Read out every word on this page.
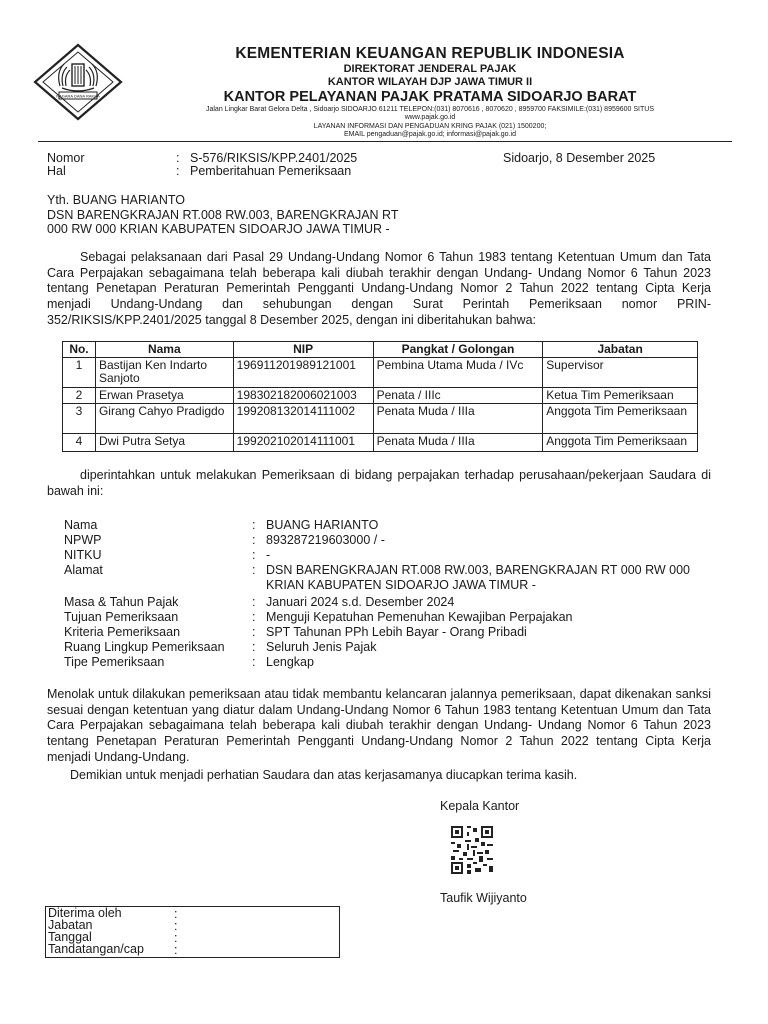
NAGARA DANA RAKCA
KEMENTERIAN KEUANGAN REPUBLIK INDONESIA
DIREKTORAT JENDERAL PAJAK
KANTOR WILAYAH DJP JAWA TIMUR II
KANTOR PELAYANAN PAJAK PRATAMA SIDOARJO BARAT
Jalan Lingkar Barat Gelora Delta , Sidoarjo SIDOARJO 61211 TELEPON:(031) 8070616 , 8070620 , 8959700 FAKSIMILE:(031) 8959600 SITUS
www.pajak.go.id
LAYANAN INFORMASI DAN PENGADUAN KRING PAJAK (021) 1500200;
EMAIL pengaduan@pajak.go.id; informasi@pajak.go.id
Nomor	: S-576/RIKSIS/KPP.2401/2025	Sidoarjo, 8 Desember 2025
Hal	: Pemberitahuan Pemeriksaan
Yth. BUANG HARIANTO
DSN BARENGKRAJAN RT.008 RW.003, BARENGKRAJAN RT
000 RW 000 KRIAN KABUPATEN SIDOARJO JAWA TIMUR -
Sebagai pelaksanaan dari Pasal 29 Undang-Undang Nomor 6 Tahun 1983 tentang Ketentuan Umum dan Tata Cara Perpajakan sebagaimana telah beberapa kali diubah terakhir dengan Undang- Undang Nomor 6 Tahun 2023 tentang Penetapan Peraturan Pemerintah Pengganti Undang-Undang Nomor 2 Tahun 2022 tentang Cipta Kerja menjadi Undang-Undang dan sehubungan dengan Surat Perintah Pemeriksaan nomor PRIN-352/RIKSIS/KPP.2401/2025 tanggal 8 Desember 2025, dengan ini diberitahukan bahwa:
No.	Nama	NIP	Pangkat / Golongan	Jabatan
1	Bastijan Ken Indarto Sanjoto	196911201989121001	Pembina Utama Muda / IVc	Supervisor
2	Erwan Prasetya	198302182006021003	Penata / IIIc	Ketua Tim Pemeriksaan
3	Girang Cahyo Pradigdo	199208132014111002	Penata Muda / IIIa	Anggota Tim Pemeriksaan
4	Dwi Putra Setya	199202102014111001	Penata Muda / IIIa	Anggota Tim Pemeriksaan
diperintahkan untuk melakukan Pemeriksaan di bidang perpajakan terhadap perusahaan/pekerjaan Saudara di bawah ini:
Nama	: BUANG HARIANTO
NPWP	: 893287219603000 / -
NITKU	: -
Alamat	: DSN BARENGKRAJAN RT.008 RW.003, BARENGKRAJAN RT 000 RW 000 KRIAN KABUPATEN SIDOARJO JAWA TIMUR -
Masa & Tahun Pajak	: Januari 2024 s.d. Desember 2024
Tujuan Pemeriksaan	: Menguji Kepatuhan Pemenuhan Kewajiban Perpajakan
Kriteria Pemeriksaan	: SPT Tahunan PPh Lebih Bayar - Orang Pribadi
Ruang Lingkup Pemeriksaan : Seluruh Jenis Pajak
Tipe Pemeriksaan	: Lengkap
Menolak untuk dilakukan pemeriksaan atau tidak membantu kelancaran jalannya pemeriksaan, dapat dikenakan sanksi sesuai dengan ketentuan yang diatur dalam Undang-Undang Nomor 6 Tahun 1983 tentang Ketentuan Umum dan Tata Cara Perpajakan sebagaimana telah beberapa kali diubah terakhir dengan Undang- Undang Nomor 6 Tahun 2023 tentang Penetapan Peraturan Pemerintah Pengganti Undang-Undang Nomor 2 Tahun 2022 tentang Cipta Kerja menjadi Undang-Undang.
Demikian untuk menjadi perhatian Saudara dan atas kerjasamanya diucapkan terima kasih.
Kepala Kantor
Taufik Wijiyanto
Diterima oleh	:
Jabatan	:
Tanggal	:
Tandatangan/cap :
